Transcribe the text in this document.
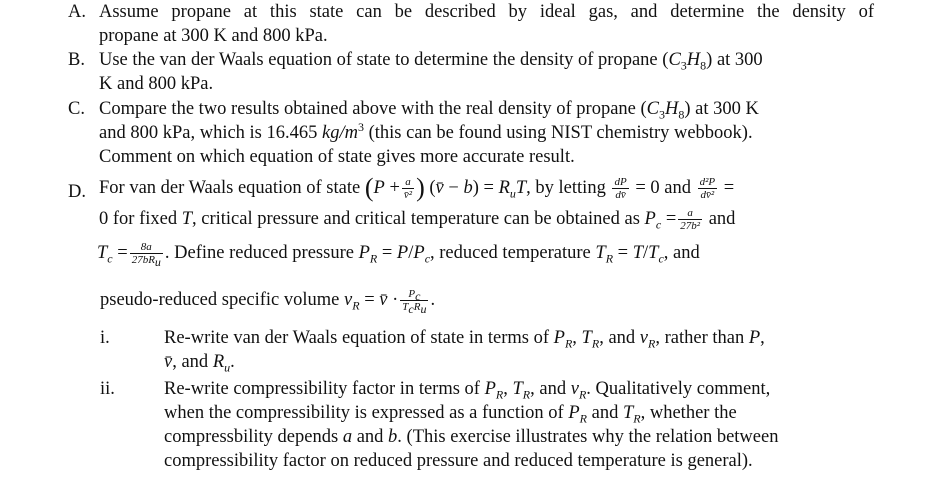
A. Assume propane at this state can be described by ideal gas, and determine the density of
propane at 300 K and 800 kPa.
B. Use the van der Waals equation of state to determine the density of propane $(C_3H_8)$ at 300
K and 800 kPa.
C. Compare the two results obtained above with the real density of propane $(C_3H_8)$ at 300 K
and 800 kPa, which is 16.465 $kg/m^3$ (this can be found using NIST chemistry webbook).
Comment on which equation of state gives more accurate result.
D. For van der Waals equation of state ($P + \frac{a}{\text{v̄²}}$ ) (v̄ − $b) = R_uT$, by letting $\frac{dP}{dv̄} = 0$ and $\frac{\text{d²P}}{\text{dv̄²}}$ =
0 for fixed T, critical pressure and critical temperature can be obtained as $P_c = \frac{a}{\text{27b²}}$ and
$T_c = \frac{8a}{27bR_u}$ . Define reduced pressure $P_R = P/P_c$, reduced temperature $T_R = T/T_c$, and
pseudo-reduced specific volume $v_R$ = v̄ · $\frac{P_c}{T_cR_u}$ .
i.	Re-write van der Waals equation of state in terms of $P_R$, $T_R$, and $v_R$, rather than P,
v̄, and $R_u$.
ii.	Re-write compressibility factor in terms of $P_R$, $T_R$, and $v_R$. Qualitatively comment,
when the compressibility is expressed as a function of $P_R$ and $T_R$, whether the
compressbility depends a and b. (This exercise illustrates why the relation between
compressibility factor on reduced pressure and reduced temperature is general).
